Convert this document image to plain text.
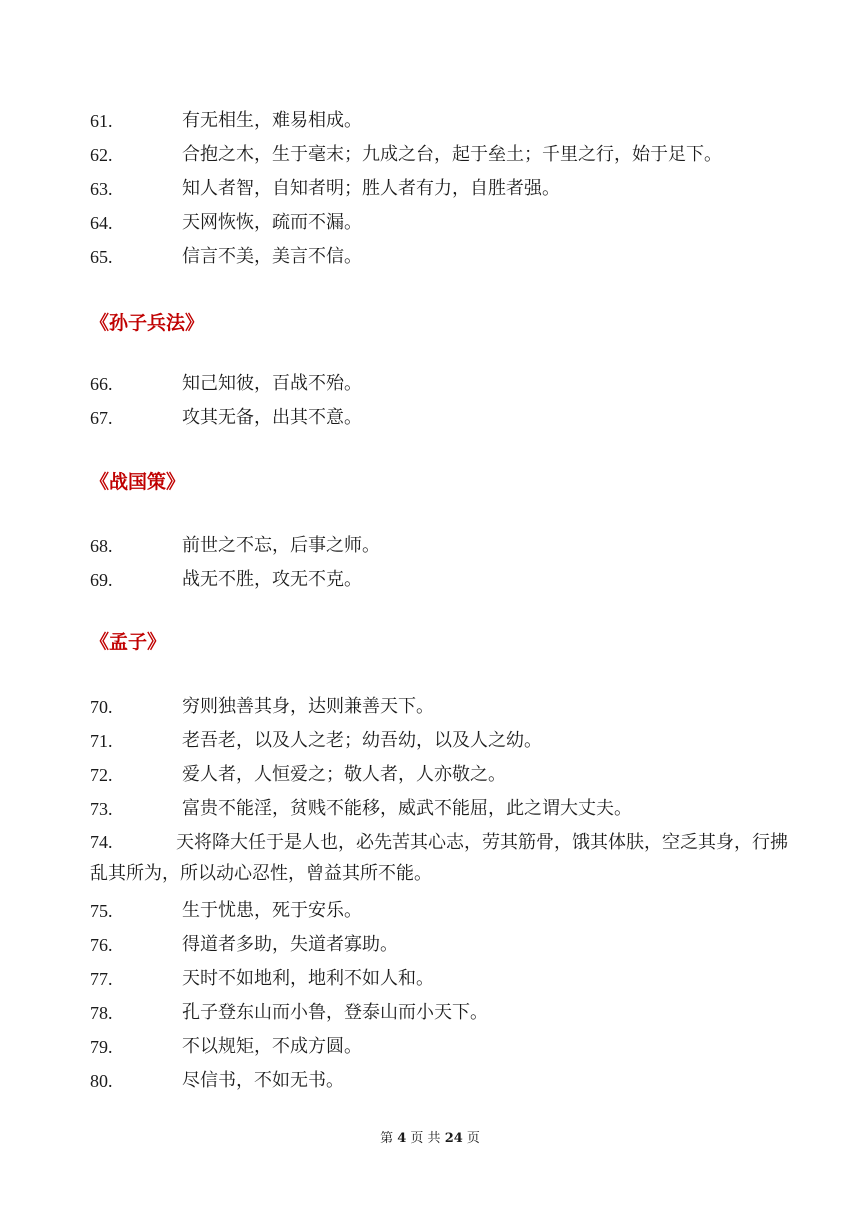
61.	有无相生，难易相成。
62.	合抱之木，生于毫末；九成之台，起于垒土；千里之行，始于足下。
63.	知人者智，自知者明；胜人者有力，自胜者强。
64.	天网恢恢，疏而不漏。
65.	信言不美，美言不信。
《孙子兵法》
66.	知己知彼，百战不殆。
67.	攻其无备，出其不意。
《战国策》
68.	前世之不忘，后事之师。
69.	战无不胜，攻无不克。
《孟子》
70.	穷则独善其身，达则兼善天下。
71.	老吾老，以及人之老；幼吾幼，以及人之幼。
72.	爱人者，人恒爱之；敬人者，人亦敬之。
73.	富贵不能淫，贫贱不能移，威武不能屈，此之谓大丈夫。
74.	天将降大任于是人也，必先苦其心志，劳其筋骨，饿其体肤，空乏其身，行拂乱其所为，所以动心忍性，曾益其所不能。
75.	生于忧患，死于安乐。
76.	得道者多助，失道者寡助。
77.	天时不如地利，地利不如人和。
78.	孔子登东山而小鲁，登泰山而小天下。
79.	不以规矩，不成方圆。
80.	尽信书，不如无书。
第 4 页 共 24 页
